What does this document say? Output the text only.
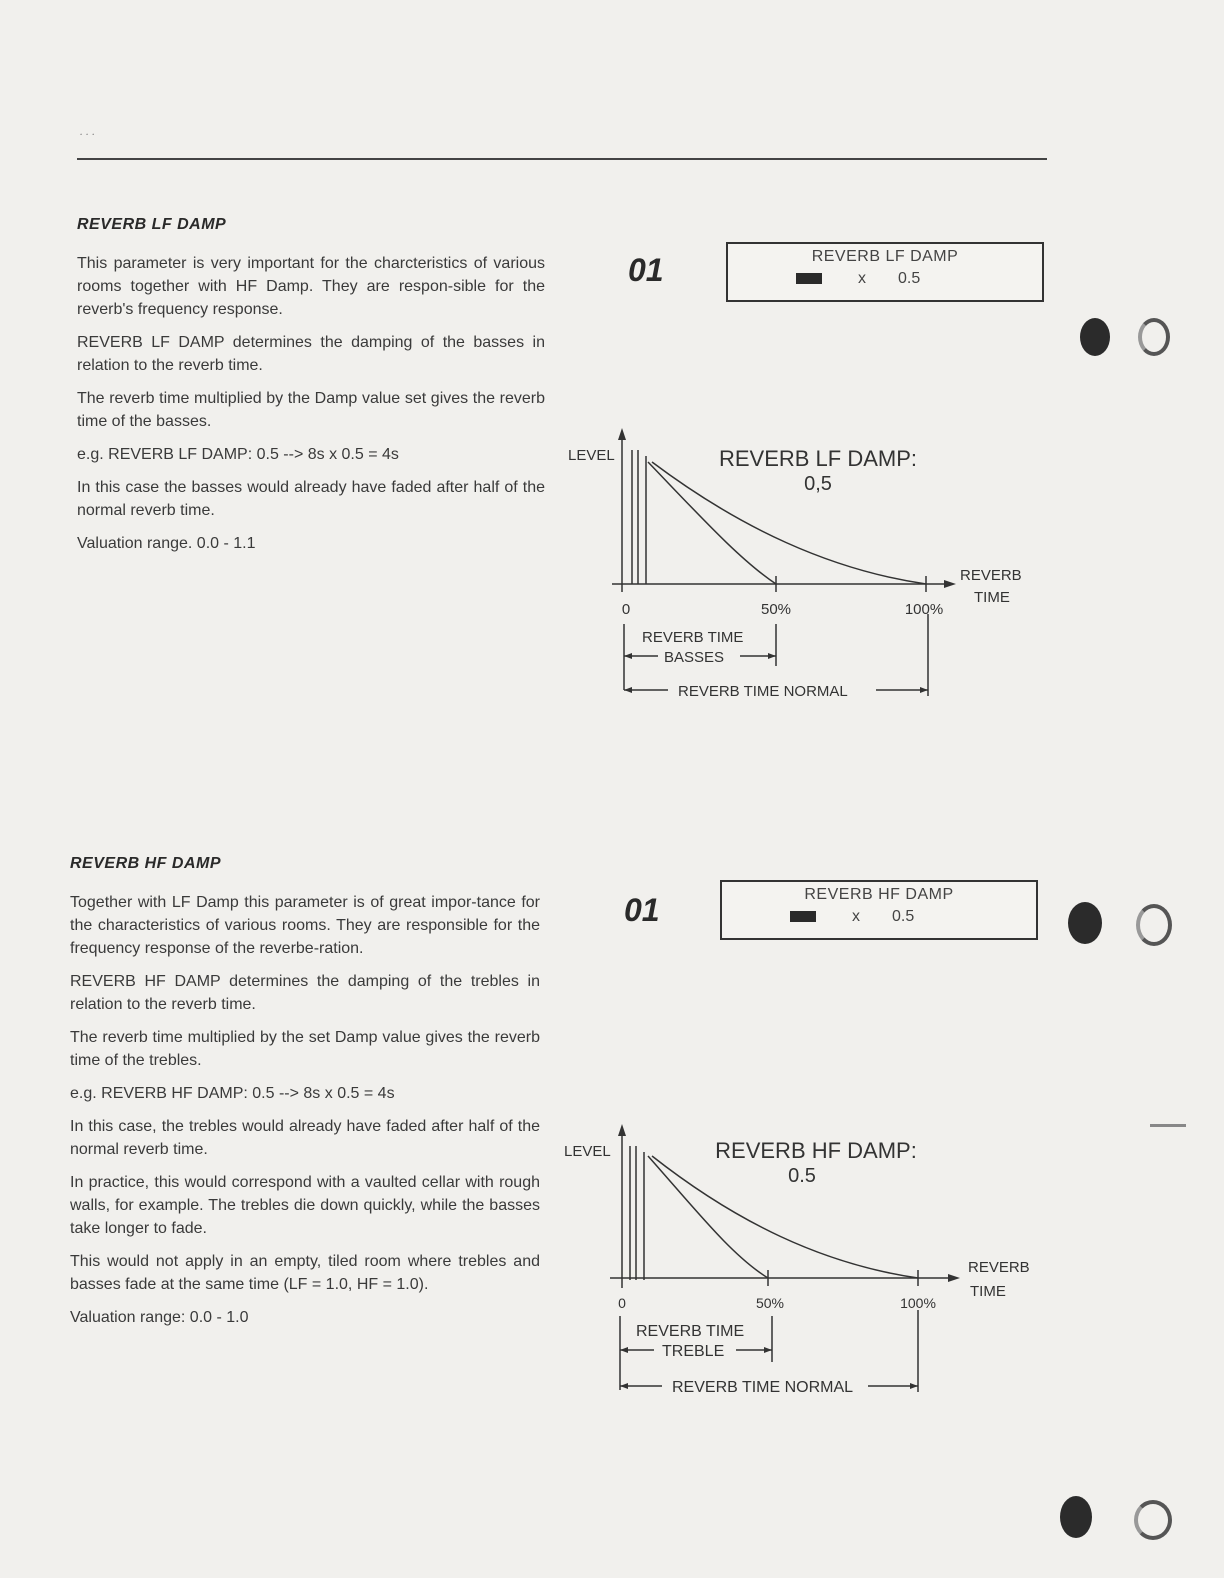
...
REVERB LF DAMP

This parameter is very important for the charcteristics of various rooms together with HF Damp. They are respon-sible for the reverb's frequency response.

REVERB LF DAMP determines the damping of the basses in relation to the reverb time.

The reverb time multiplied by the Damp value set gives the reverb time of the basses.

e.g. REVERB LF DAMP: 0.5 --> 8s x 0.5 = 4s

In this case the basses would already have faded after half of the normal reverb time.

Valuation range. 0.0 - 1.1

01	REVERB LF DAMP
x 0.5
LEVEL	REVERB LF DAMP:
0,5
REVERB
TIME
0	50%	100%
REVERB TIME
BASSES
REVERB TIME NORMAL
REVERB HF DAMP

Together with LF Damp this parameter is of great impor-tance for the characteristics of various rooms. They are responsible for the frequency response of the reverbe-ration.

REVERB HF DAMP determines the damping of the trebles in relation to the reverb time.

The reverb time multiplied by the set Damp value gives the reverb time of the trebles.

e.g. REVERB HF DAMP: 0.5 --> 8s x 0.5 = 4s

In this case, the trebles would already have faded after half of the normal reverb time.

In practice, this would correspond with a vaulted cellar with rough walls, for example. The trebles die down quickly, while the basses take longer to fade.

This would not apply in an empty, tiled room where trebles and basses fade at the same time (LF = 1.0, HF = 1.0).

Valuation range: 0.0 - 1.0

01	REVERB HF DAMP
x 0.5
LEVEL	REVERB HF DAMP:
0.5
REVERB
TIME
0	50%	100%
REVERB TIME
TREBLE
REVERB TIME NORMAL
